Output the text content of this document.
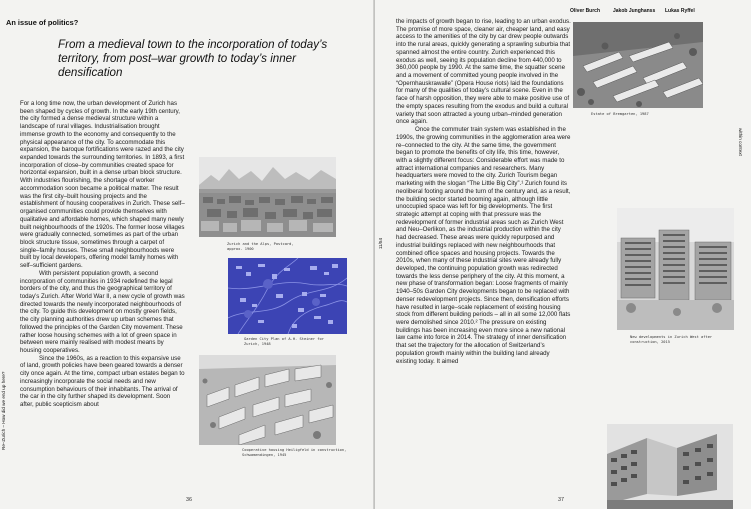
An issue of politics?
From a medieval town to the incorporation of today’s territory, from post–war growth to today’s inner densification
Re–Zurich – How did we end up here?

For a long time now, the urban development of Zurich has been shaped by cycles of growth. In the early 19th century, the city formed a dense medieval structure within a landscape of rural villages. Industrialisation brought immense growth to the economy and consequently to the physical appearance of the city. To accommodate this expansion, the baroque fortifications were razed and the city expanded towards the surrounding territories. In 1893, a first incorporation of close–by communities created space for horizontal expansion, built in a dense urban block structure. With industries flourishing, the shortage of worker accommodation soon became a political matter. The result was the first city–built housing projects and the establishment of housing cooperatives in Zurich. These self–organised communities could provide themselves with qualitative and affordable homes, which shaped many newly built neighbourhoods of the 1920s. The former loose villages were gradually connected, sometimes as part of the urban block structure tissue, sometimes through a carpet of single–family houses. These small neighbourhoods were built by local developers, offering model family homes with self–sufficient gardens.

With persistent population growth, a second incorporation of communities in 1934 redefined the legal borders of the city, and thus the geographical territory of today’s Zurich. After World War II, a new cycle of growth was directed towards the newly incorporated neighbourhoods of the city. To guide this development on mostly green fields, the city planning authorities drew up urban schemes that followed the principles of the Garden City movement. These rather loose housing schemes with a lot of green space in between were mainly realised with modest means by housing cooperatives.

Since the 1960s, as a reaction to this expansive use of land, growth policies have been geared towards a denser city once again. At the time, compact urban estates began to increasingly incorporate the social needs and new consumption behaviours of their inhabitants. The arrival of the car in the city further shaped its development. Soon after, public scepticism about

Zurich and the Alps, Postcard, approx. 1900
Garden City Plan of A.H. Steiner for Zurich, 1948
Cooperative housing Heiligfeld in construction, Schwamendingen, 1945
36
Oliver Burch	Jakob Junghanss Lukas Ryffel
within context
11/54

the impacts of growth began to rise, leading to an urban exodus. The promise of more space, cleaner air, cheaper land, and easy access to the amenities of the city by car drew people outwards into the rural areas, quickly generating a sprawling suburbia that spanned almost the entire country. Zurich experienced this exodus as well, seeing its population decline from 440,000 to 360,000 people by 1990. At the same time, the squatter scene and a movement of committed young people involved in the “Opernhauskrawalle” (Opera House riots) laid the foundations for many of the qualities of today’s cultural scene. Even in the face of harsh opposition, they were able to make positive use of the empty spaces resulting from the exodus and build a cultural variety that soon attracted a young urban–minded generation once again.

Once the commuter train system was established in the 1990s, the growing communities in the agglomeration area were re–connected to the city. At the same time, the government began to promote the benefits of city life, this time, however, with a slightly different focus: Considerable effort was made to attract international companies and researchers. Many headquarters were moved to the city. Zurich Tourism began marketing with the slogan “The Little Big City”.¹ Zurich found its neoliberal footing around the turn of the century and, as a result, the building sector started booming again, although little unoccupied space was left for big developments. The first strategic attempt at coping with that pressure was the redevelopment of former industrial areas such as Zurich West and Neu–Oerlikon, as the industrial production within the city had decreased. These areas were quickly repurposed and industrial buildings replaced with new neighbourhoods that combined office spaces and housing projects. Towards the 2010s, when many of these industrial sites were already fully developed, the continuing population growth was redirected towards the less dense periphery of the city. At this moment, a new phase of transformation began: Loose fragments of mainly 1940–50s Garden City developments began to be replaced with denser redevelopment projects. Since then, densification efforts have resulted in large–scale replacement of existing housing stock from different building periods – all in all some 12,000 flats were demolished since 2010.² The pressure on existing buildings has been increasing even more since a new national law came into force in 2014. The strategy of inner densification that set the trajectory for the allocation of Switzerland’s population growth mainly within the building land already existing today. It aimed

Estate of Bremgarten, 1987
New developments in Zurich West after construction, 2015
37
